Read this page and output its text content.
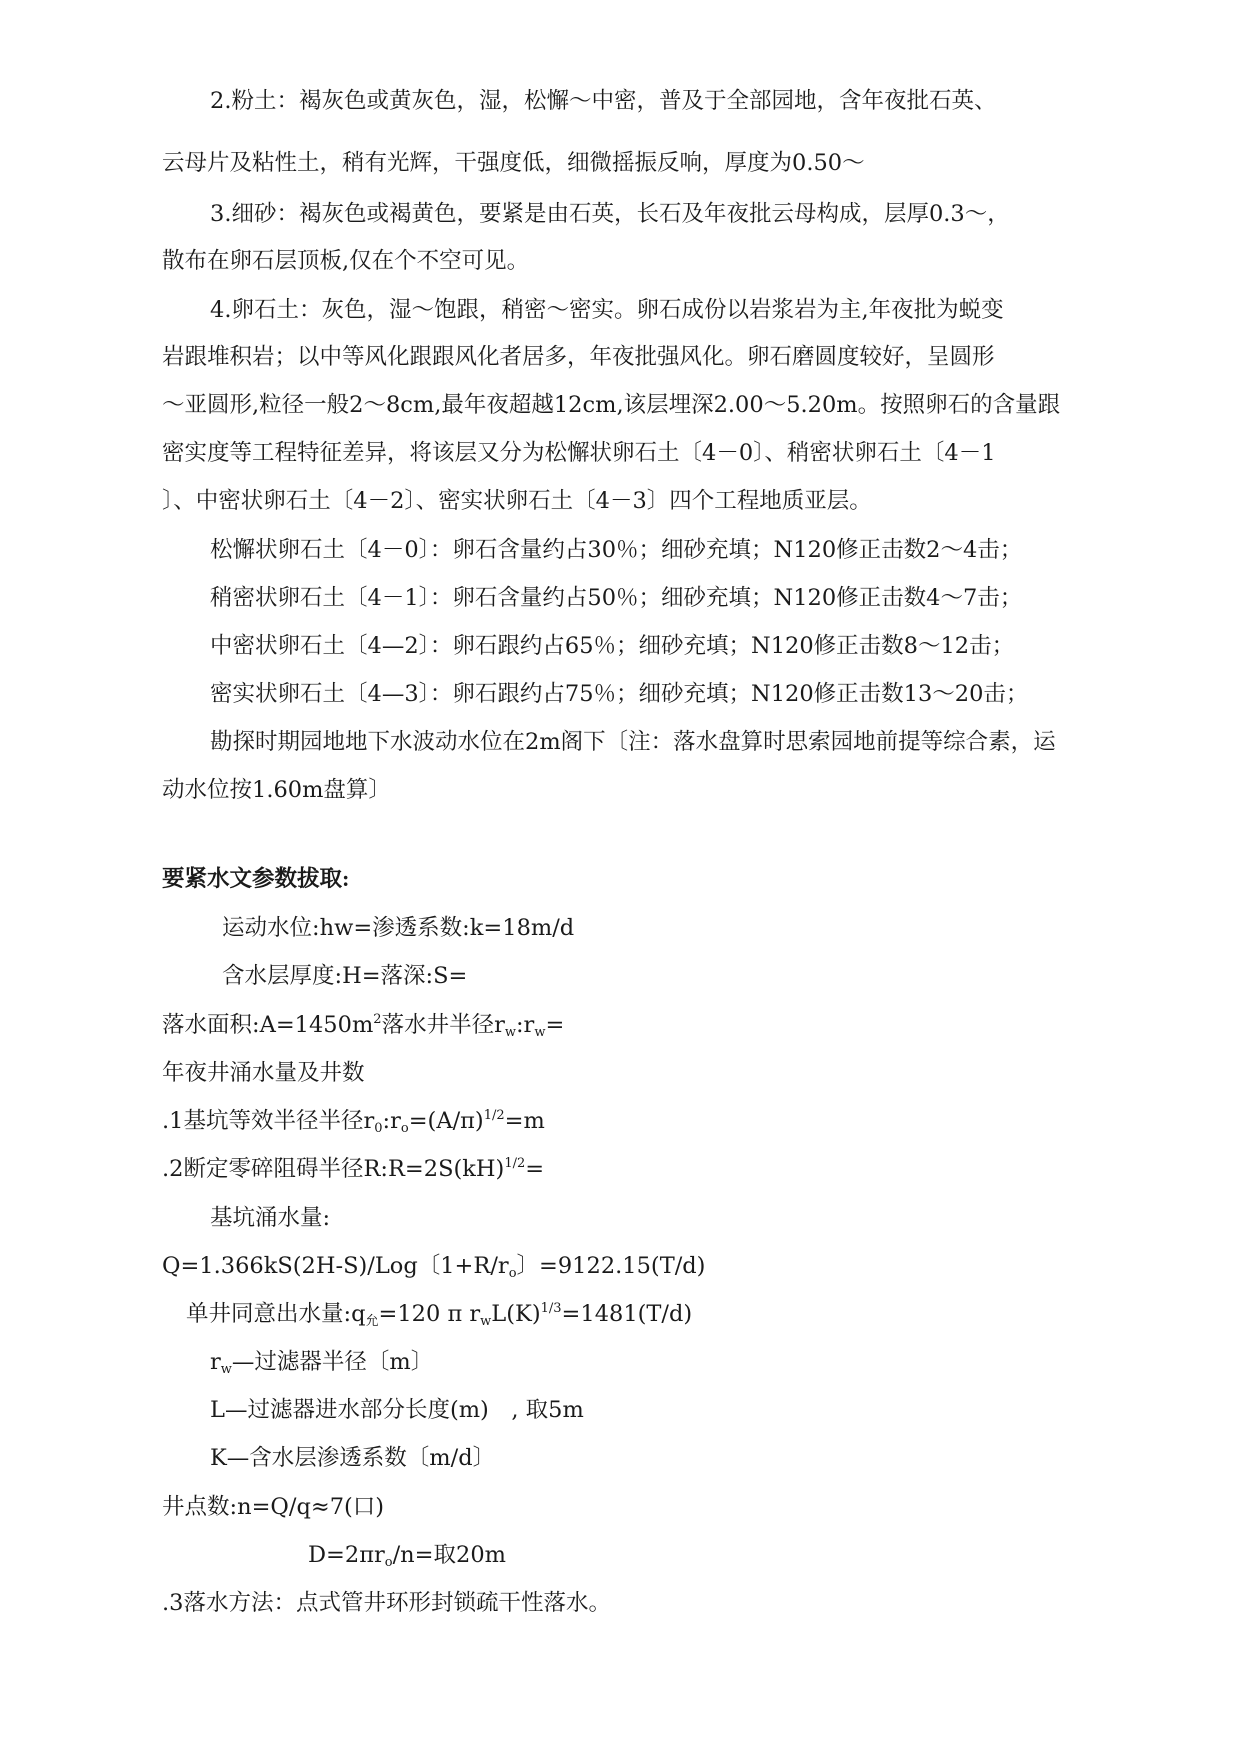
2.粉土：褐灰色或黄灰色，湿，松懈～中密，普及于全部园地，含年夜批石英、
云母片及粘性土，稍有光辉，干强度低，细微摇振反响，厚度为0.50～
3.细砂：褐灰色或褐黄色，要紧是由石英，长石及年夜批云母构成，层厚0.3～，
散布在卵石层顶板,仅在个不空可见。
4.卵石土：灰色，湿～饱跟，稍密～密实。卵石成份以岩浆岩为主,年夜批为蜕变
岩跟堆积岩；以中等风化跟跟风化者居多，年夜批强风化。卵石磨圆度较好，呈圆形
～亚圆形,粒径一般2～8cm,最年夜超越12cm,该层埋深2.00～5.20m。按照卵石的含量跟
密实度等工程特征差异，将该层又分为松懈状卵石土〔4－0〕、稍密状卵石土〔4－1
〕、中密状卵石土〔4－2〕、密实状卵石土〔4－3〕四个工程地质亚层。
松懈状卵石土〔4－0〕：卵石含量约占30％；细砂充填；N120修正击数2～4击；
稍密状卵石土〔4－1〕：卵石含量约占50％；细砂充填；N120修正击数4～7击；
中密状卵石土〔4—2〕：卵石跟约占65％；细砂充填；N120修正击数8～12击；
密实状卵石土〔4—3〕：卵石跟约占75％；细砂充填；N120修正击数13～20击；
勘探时期园地地下水波动水位在2m阁下〔注：落水盘算时思索园地前提等综合素，运
动水位按1.60m盘算〕
要紧水文参数拔取:
运动水位:hw=渗透系数:k=18m/d
含水层厚度:H=落深:S=
落水面积$:A=1450m^2$落水井半径$r_w:r_w=$
年夜井涌水量及井数
.1基坑等效半径半径$r_0:r_o=(A/\pi)^{1/2}=m$
.2断定零碎阻碍半径R:R=2S(kH)$^{1/2}$=
基坑涌水量:
Q=1.366kS(2H-S)/Log〔$1+R/r_o$〕=9122.15(T/d)
单井同意出水量$:q_允=120$ π $r_wL(K)^{1/3}=1481(T/d)$
$r_w—$过滤器半径〔m〕
L—过滤器进水部分长度(m)　, 取5m
K—含水层渗透系数〔m/d〕
井点数:n=Q/q≈7(口)
$D=2\pi r_o/n=$取20m
.3落水方法：点式管井环形封锁疏干性落水。
